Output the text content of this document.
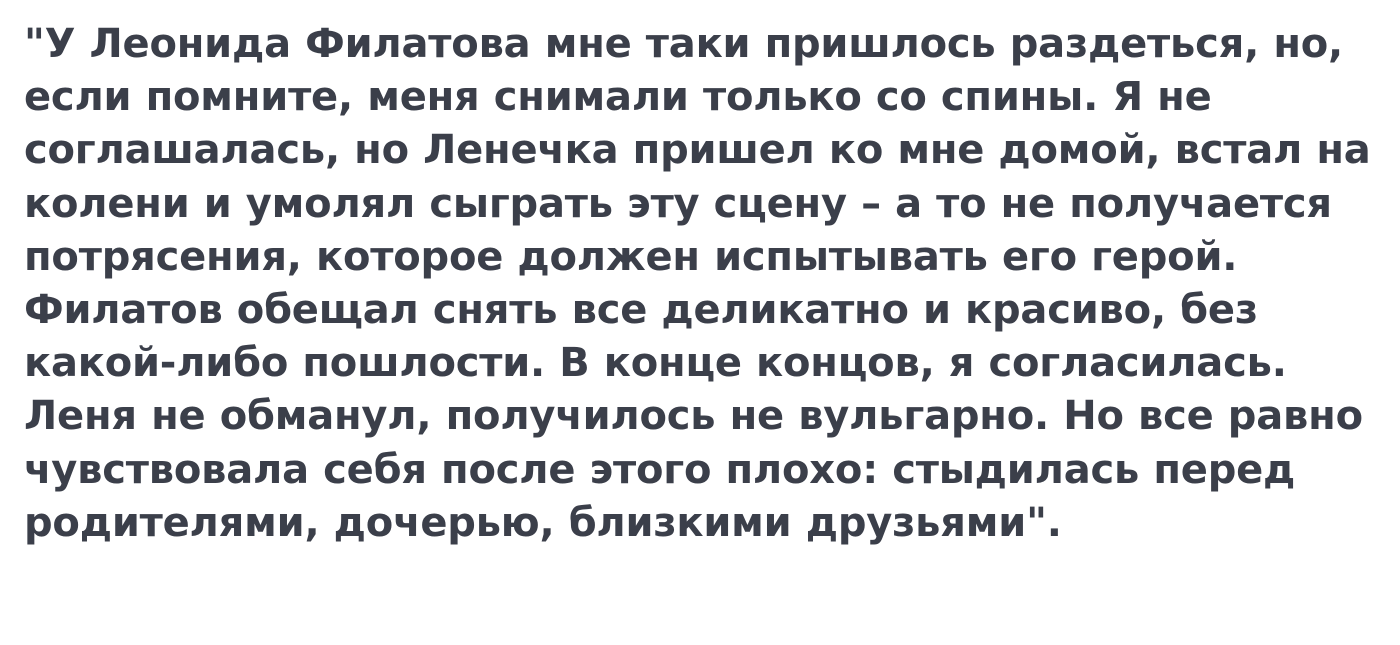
"У Леонида Филатова мне таки пришлось раздеться, но, если помните, меня снимали только со спины. Я не соглашалась, но Ленечка пришел ко мне домой, встал на колени и умолял сыграть эту сцену – а то не получается потрясения, которое должен испытывать его герой. Филатов обещал снять все деликатно и красиво, без какой-либо пошлости. В конце концов, я согласилась. Леня не обманул, получилось не вульгарно. Но все равно чувствовала себя после этого плохо: стыдилась перед родителями, дочерью, близкими друзьями".
